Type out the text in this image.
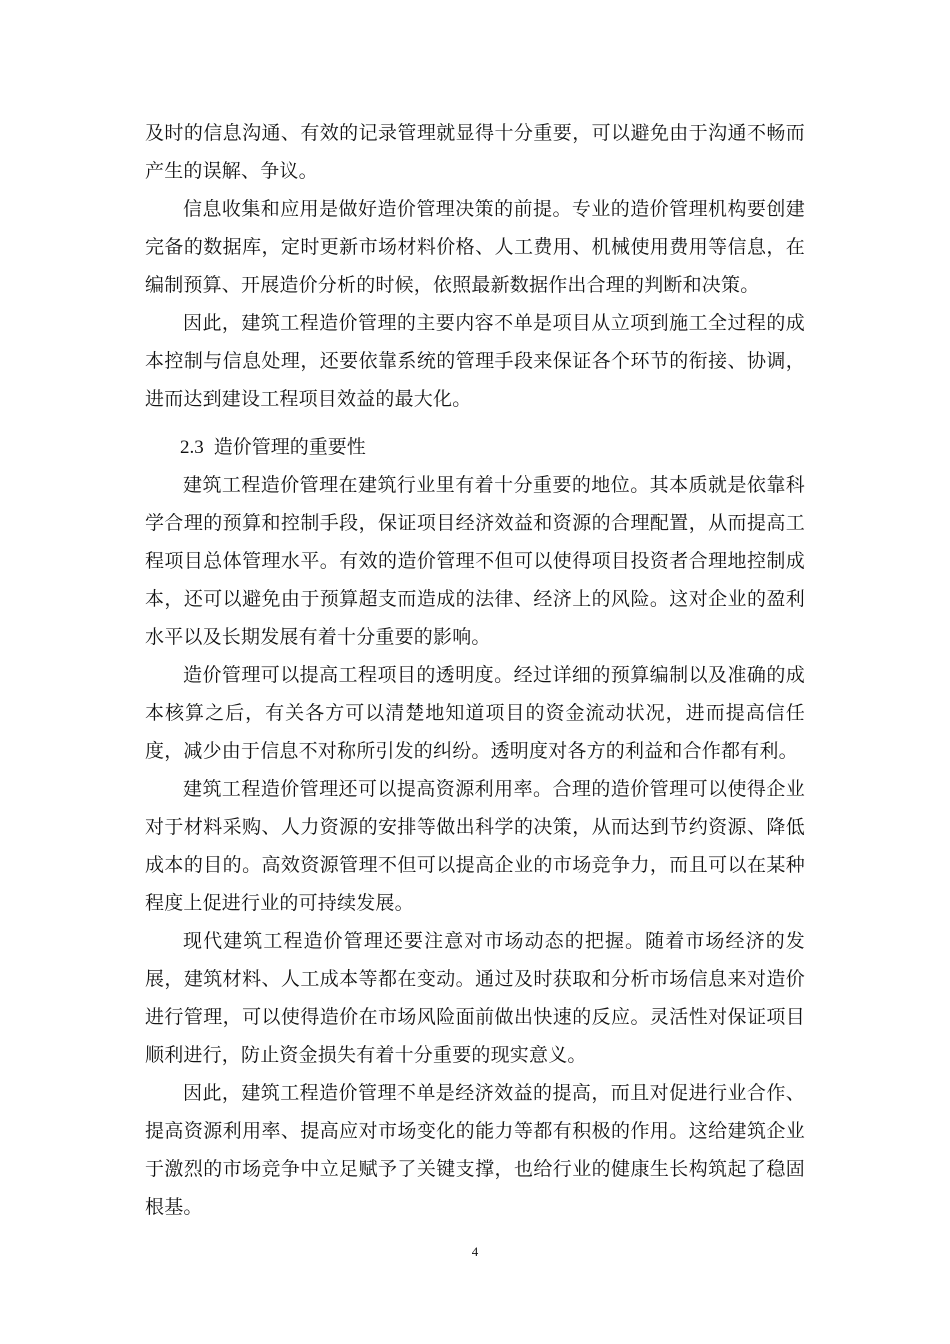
及时的信息沟通、有效的记录管理就显得十分重要，可以避免由于沟通不畅而产生的误解、争议。

信息收集和应用是做好造价管理决策的前提。专业的造价管理机构要创建完备的数据库，定时更新市场材料价格、人工费用、机械使用费用等信息，在编制预算、开展造价分析的时候，依照最新数据作出合理的判断和决策。

因此，建筑工程造价管理的主要内容不单是项目从立项到施工全过程的成本控制与信息处理，还要依靠系统的管理手段来保证各个环节的衔接、协调，进而达到建设工程项目效益的最大化。

2.3 造价管理的重要性

建筑工程造价管理在建筑行业里有着十分重要的地位。其本质就是依靠科学合理的预算和控制手段，保证项目经济效益和资源的合理配置，从而提高工程项目总体管理水平。有效的造价管理不但可以使得项目投资者合理地控制成本，还可以避免由于预算超支而造成的法律、经济上的风险。这对企业的盈利水平以及长期发展有着十分重要的影响。

造价管理可以提高工程项目的透明度。经过详细的预算编制以及准确的成本核算之后，有关各方可以清楚地知道项目的资金流动状况，进而提高信任度，减少由于信息不对称所引发的纠纷。透明度对各方的利益和合作都有利。

建筑工程造价管理还可以提高资源利用率。合理的造价管理可以使得企业对于材料采购、人力资源的安排等做出科学的决策，从而达到节约资源、降低成本的目的。高效资源管理不但可以提高企业的市场竞争力，而且可以在某种程度上促进行业的可持续发展。

现代建筑工程造价管理还要注意对市场动态的把握。随着市场经济的发展，建筑材料、人工成本等都在变动。通过及时获取和分析市场信息来对造价进行管理，可以使得造价在市场风险面前做出快速的反应。灵活性对保证项目顺利进行，防止资金损失有着十分重要的现实意义。

因此，建筑工程造价管理不单是经济效益的提高，而且对促进行业合作、提高资源利用率、提高应对市场变化的能力等都有积极的作用。这给建筑企业于激烈的市场竞争中立足赋予了关键支撑，也给行业的健康生长构筑起了稳固根基。

4
